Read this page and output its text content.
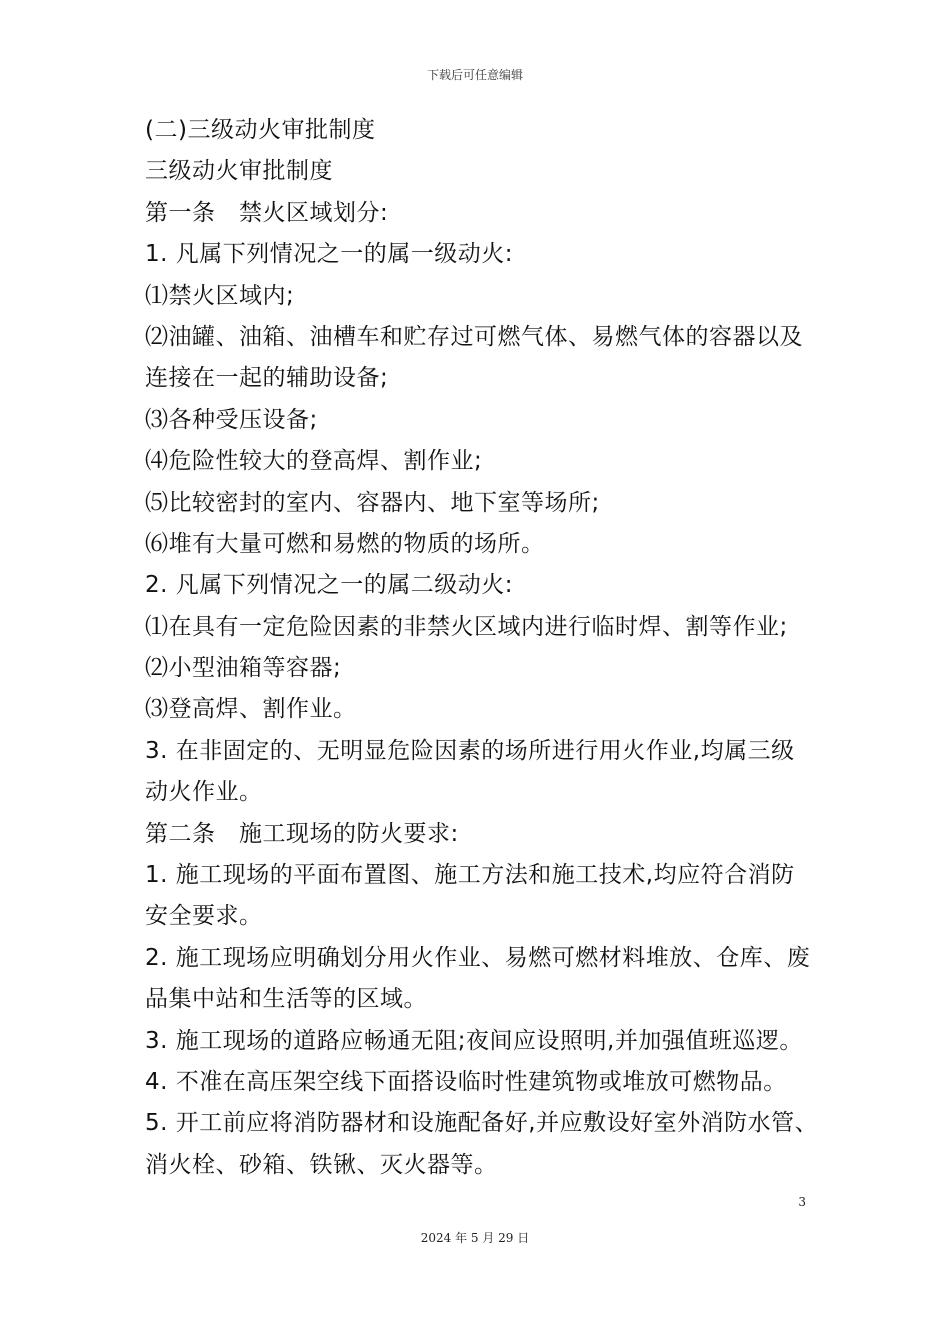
下载后可任意编辑
(二)三级动火审批制度
三级动火审批制度
第一条　禁火区域划分:
1. 凡属下列情况之一的属一级动火:
⑴禁火区域内;
⑵油罐、油箱、油槽车和贮存过可燃气体、易燃气体的容器以及
连接在一起的辅助设备;
⑶各种受压设备;
⑷危险性较大的登高焊、割作业;
⑸比较密封的室内、容器内、地下室等场所;
⑹堆有大量可燃和易燃的物质的场所。
2. 凡属下列情况之一的属二级动火:
⑴在具有一定危险因素的非禁火区域内进行临时焊、割等作业;
⑵小型油箱等容器;
⑶登高焊、割作业。
3. 在非固定的、无明显危险因素的场所进行用火作业,均属三级
动火作业。
第二条　施工现场的防火要求:
1. 施工现场的平面布置图、施工方法和施工技术,均应符合消防
安全要求。
2. 施工现场应明确划分用火作业、易燃可燃材料堆放、仓库、废
品集中站和生活等的区域。
3. 施工现场的道路应畅通无阻;夜间应设照明,并加强值班巡逻。
4. 不准在高压架空线下面搭设临时性建筑物或堆放可燃物品。
5. 开工前应将消防器材和设施配备好,并应敷设好室外消防水管、
消火栓、砂箱、铁锹、灭火器等。
3
2024 年 5 月 29 日
